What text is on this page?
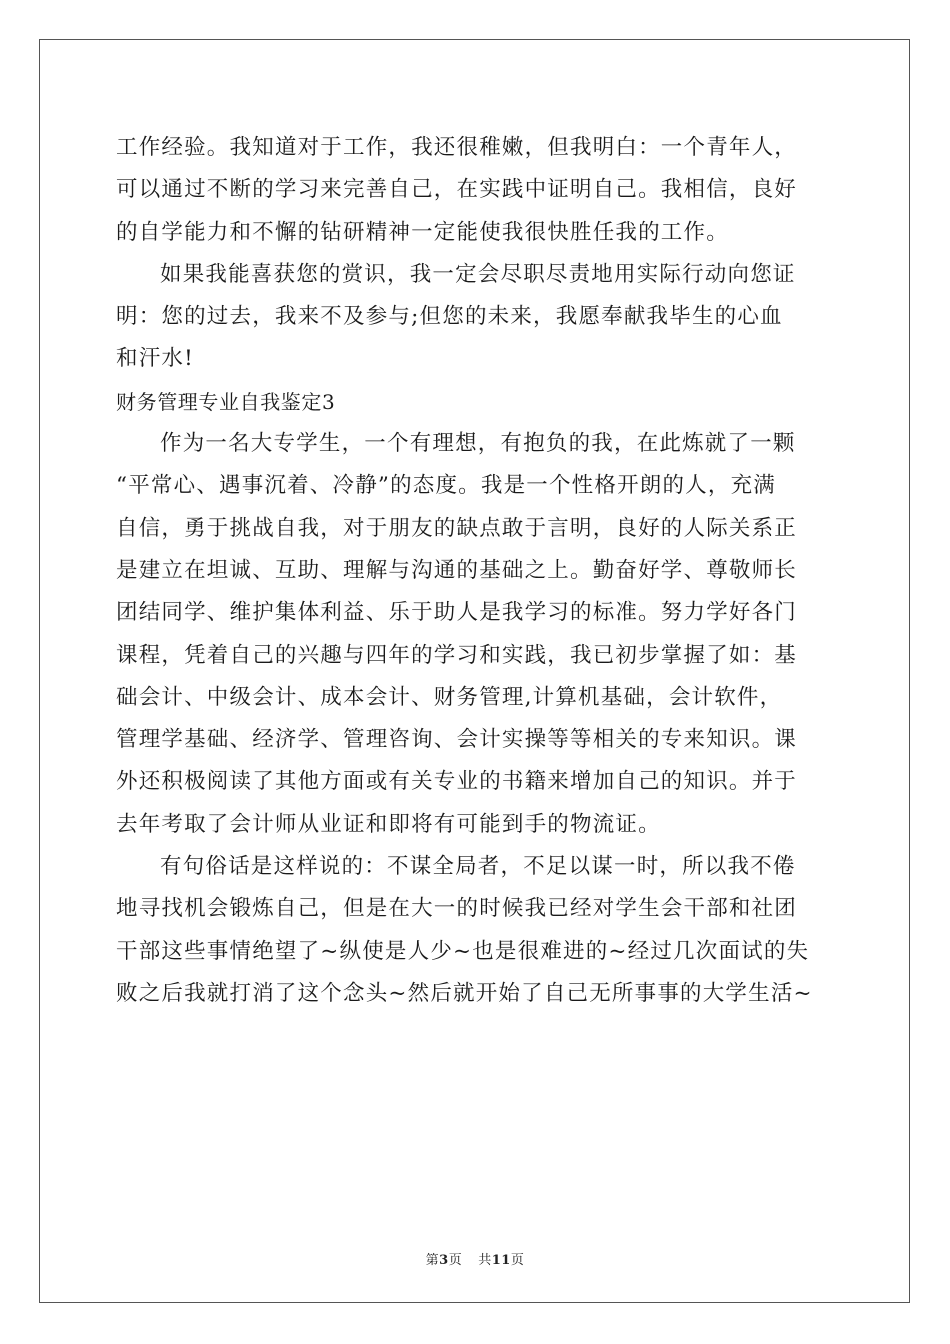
工作经验。我知道对于工作，我还很稚嫩，但我明白：一个青年人，
可以通过不断的学习来完善自己，在实践中证明自己。我相信，良好
的自学能力和不懈的钻研精神一定能使我很快胜任我的工作。
如果我能喜获您的赏识，我一定会尽职尽责地用实际行动向您证
明：您的过去，我来不及参与;但您的未来，我愿奉献我毕生的心血
和汗水!
财务管理专业自我鉴定3
作为一名大专学生，一个有理想，有抱负的我，在此炼就了一颗
“平常心、遇事沉着、冷静”的态度。我是一个性格开朗的人，充满
自信，勇于挑战自我，对于朋友的缺点敢于言明，良好的人际关系正
是建立在坦诚、互助、理解与沟通的基础之上。勤奋好学、尊敬师长
团结同学、维护集体利益、乐于助人是我学习的标准。努力学好各门
课程，凭着自己的兴趣与四年的学习和实践，我已初步掌握了如：基
础会计、中级会计、成本会计、财务管理,计算机基础，会计软件，
管理学基础、经济学、管理咨询、会计实操等等相关的专来知识。课
外还积极阅读了其他方面或有关专业的书籍来增加自己的知识。并于
去年考取了会计师从业证和即将有可能到手的物流证。
有句俗话是这样说的：不谋全局者，不足以谋一时，所以我不倦
地寻找机会锻炼自己，但是在大一的时候我已经对学生会干部和社团
干部这些事情绝望了~纵使是人少~也是很难进的~经过几次面试的失
败之后我就打消了这个念头~然后就开始了自己无所事事的大学生活~
第3页 共11页
